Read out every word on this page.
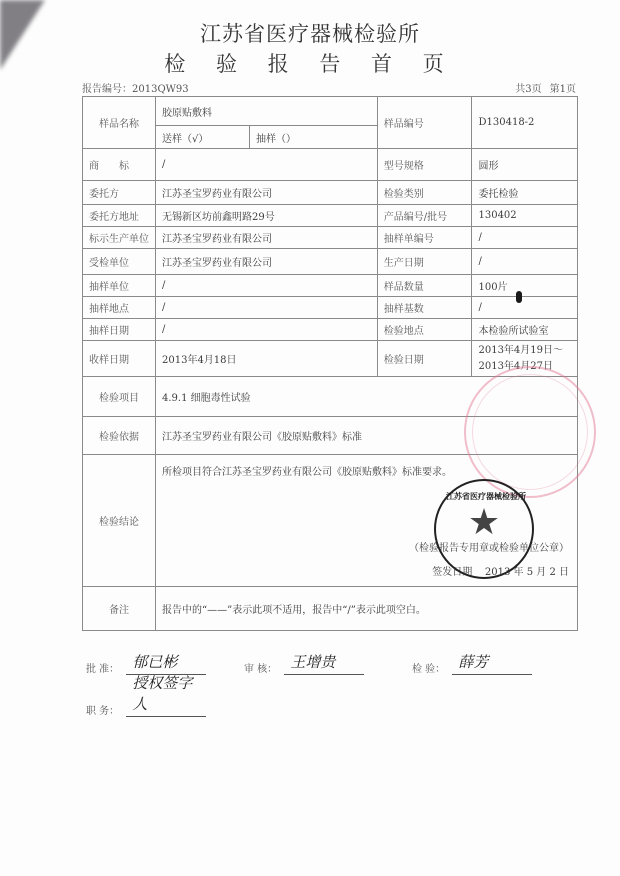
江苏省医疗器械检验所
检 验 报 告 首 页
报告编号：2013QW93	共3页 第1页
样品名称	胶原贴敷料		样品编号	D130418-2
	送样（√）	抽样（）		
商　　标	/		型号规格	圆形
委托方	江苏圣宝罗药业有限公司		检验类别	委托检验
委托方地址	无锡新区坊前鑫明路29号		产品编号/批号	130402
标示生产单位	江苏圣宝罗药业有限公司		抽样单编号	/
受检单位	江苏圣宝罗药业有限公司		生产日期	/
抽样单位	/		样品数量	100片
抽样地点	/		抽样基数	/
抽样日期	/		检验地点	本检验所试验室
收样日期	2013年4月18日		检验日期	2013年4月19日～
2013年4月27日

检验项目	4.9.1 细胞毒性试验			
检验依据	江苏圣宝罗药业有限公司《胶原贴敷料》标准			
检验结论	所检项目符合江苏圣宝罗药业有限公司《胶原贴敷料》标准要求。
（检验报告专用章或检验单位公章）
签发日期 2013 年 5 月 2 日			

备注	报告中的“——”表示此项不适用，报告中“/”表示此项空白。			
江苏省医疗器械检验所
★
批 准： 郁已彬	审 核： 王增贵	检 验： 薛芳
职 务：
授权签字人
